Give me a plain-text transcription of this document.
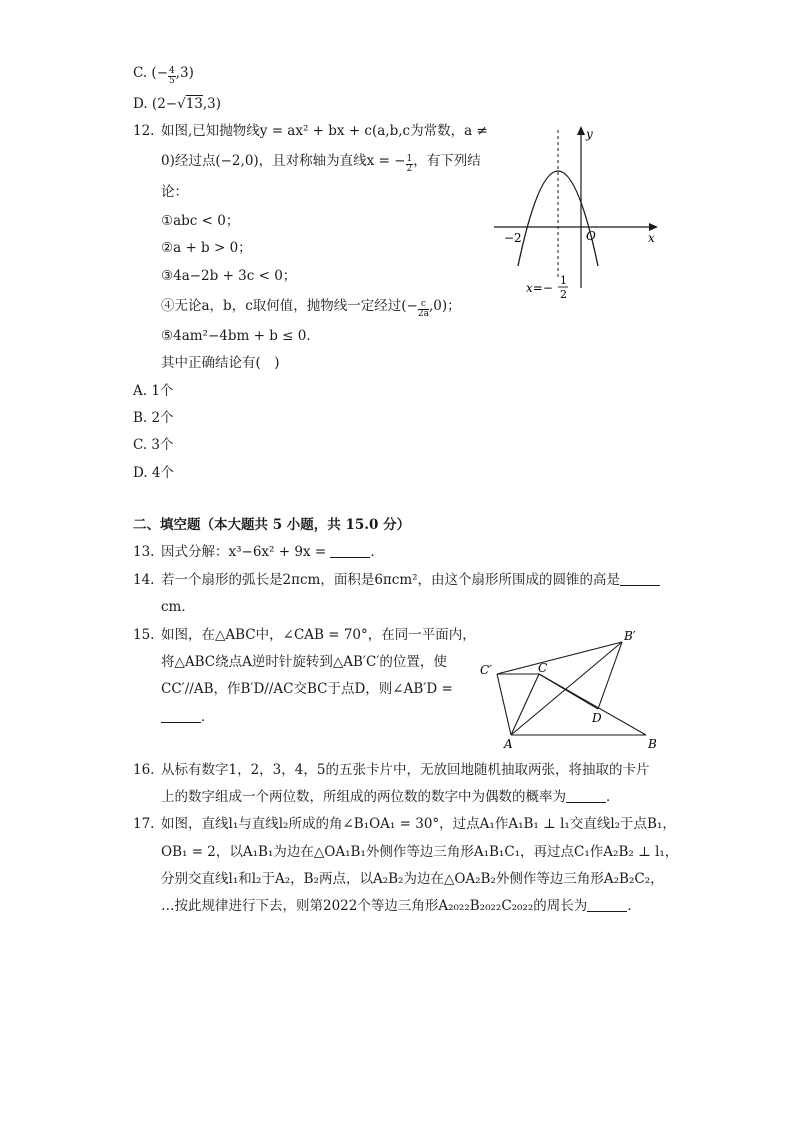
C. (− $\frac{4}{5} ,3$)
D. (2−√13,3)
12. 如图,已知抛物线y = ax² + bx + c(a,b,c为常数，a ≠
0)经过点(−2,0)，且对称轴为直线x = − $\frac{1}{2}$ ，有下列结
论：
①abc < 0；
②a + b > 0；
③4a−2b + 3c < 0；
④无论a，b，c取何值，抛物线一定经过(− $\frac{c}{2a} ,0$)；
⑤4am²−4bm + b ≤ 0．
其中正确结论有(　)
A. 1个
B. 2个
C. 3个
D. 4个
y
x
O
−2
x=−
1
2
二、填空题（本大题共 5 小题，共 15.0 分）
13. 因式分解：x³−6x² + 9x =	．
14. 若一个扇形的弧长是2πcm，面积是6πcm²，由这个扇形所围成的圆锥的高是
cm．
15. 如图，在△ABC中，∠CAB = 70°，在同一平面内，
将△ABC绕点A逆时针旋转到△AB′C′的位置，使
CC′//AB，作B′D//AC交BC于点D，则∠AB′D =
．
A	B
C
C′
B′
D
16. 从标有数字1，2，3，4，5的五张卡片中，无放回地随机抽取两张，将抽取的卡片
上的数字组成一个两位数，所组成的两位数的数字中为偶数的概率为	．
17. 如图，直线l₁与直线l₂所成的角∠B₁OA₁ = 30°，过点A₁作A₁B₁ ⊥ l₁交直线l₂于点B₁，
OB₁ = 2，以A₁B₁为边在△OA₁B₁外侧作等边三角形A₁B₁C₁，再过点C₁作A₂B₂ ⊥ l₁，
分别交直线l₁和l₂于A₂，B₂两点，以A₂B₂为边在△OA₂B₂外侧作等边三角形A₂B₂C₂，
…按此规律进行下去，则第2022个等边三角形A₂₀₂₂B₂₀₂₂C₂₀₂₂的周长为	．
